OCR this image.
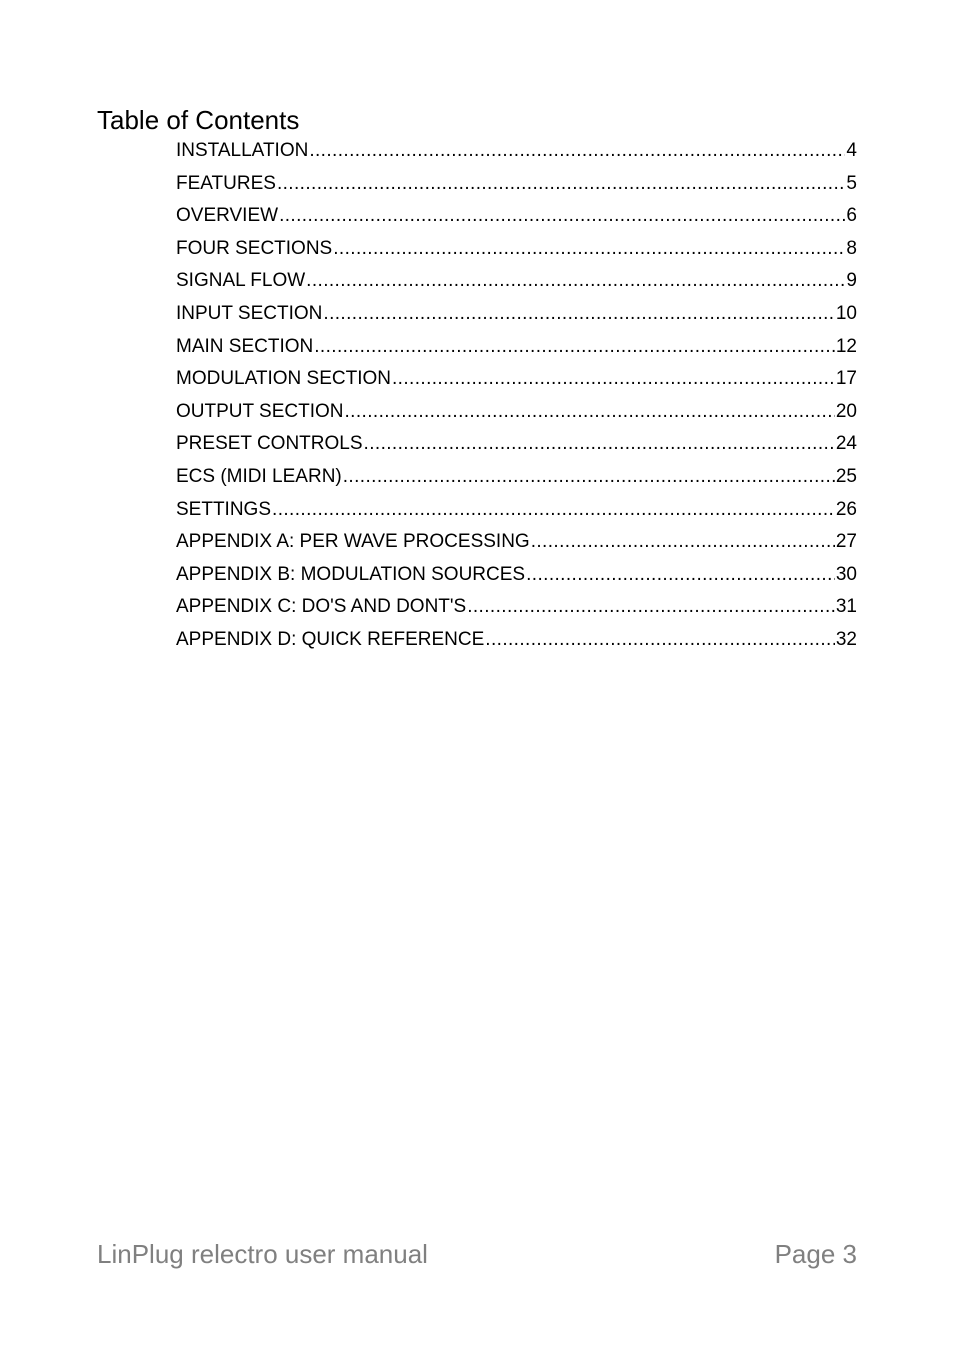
Table of Contents
INSTALLATION .....	4
FEATURES .....	5
OVERVIEW .....	6
FOUR SECTIONS .....	8
SIGNAL FLOW .....	9
INPUT SECTION .....	10
MAIN SECTION .....	12
MODULATION SECTION .....	17
OUTPUT SECTION .....	20
PRESET CONTROLS .....	24
ECS (MIDI LEARN) .....	25
SETTINGS .....	26
APPENDIX A: PER WAVE PROCESSING .....	27
APPENDIX B: MODULATION SOURCES .....	30
APPENDIX C: DO'S AND DONT'S .....	31
APPENDIX D: QUICK REFERENCE .....	32
LinPlug relectro user manual	Page 3
